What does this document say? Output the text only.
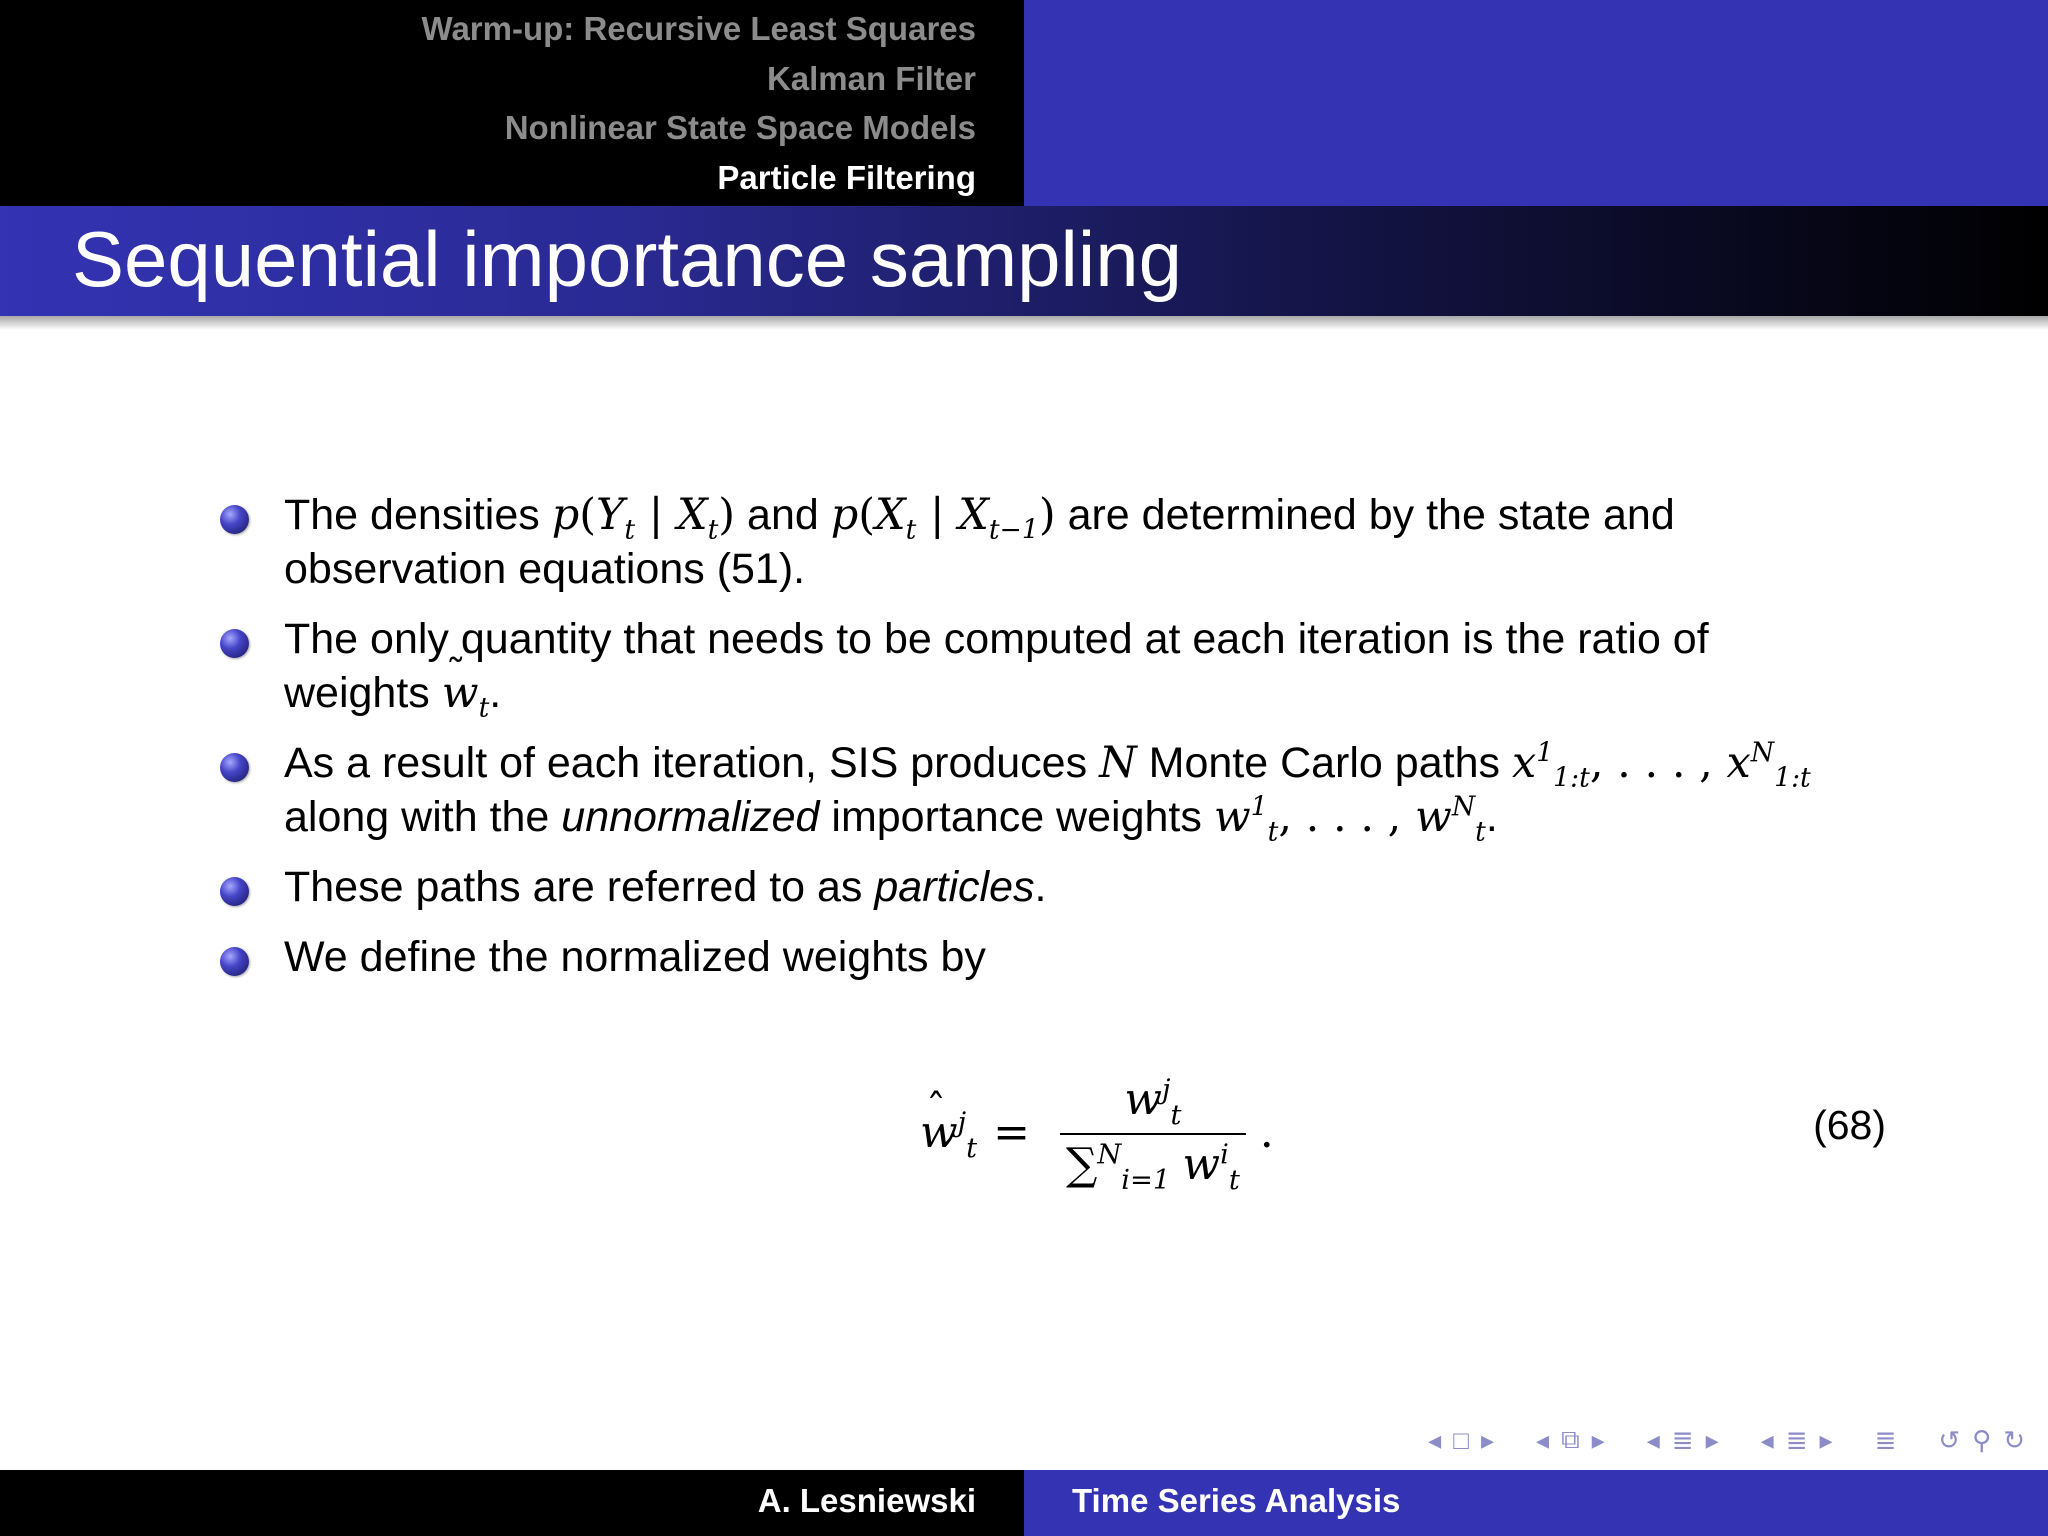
Warm-up: Recursive Least Squares
Kalman Filter
Nonlinear State Space Models
Particle Filtering
Sequential importance sampling
The densities $p(Y_t$ | $X_t$) and $p(X_t$ | $X_{t-1}$) are determined by the state and observation equations (51).
The only quantity that needs to be computed at each iteration is the ratio of weights ˜ $w_t$.
As a result of each iteration, SIS produces N Monte Carlo paths $x^1_{1:t}$, . . . , $x^N_{1:t}$ along with the unnormalized importance weights $w^1_t$, . . . , $w^N_t$.
These paths are referred to as particles.
We define the normalized weights by
ˆ $w^j_t = \frac{w^j_t}{\sum^N_{i=1} w^i_t}$ .	(68)
◂ □ ▸ ◂ ⧉ ▸ ◂ ≣ ▸ ◂ ≣ ▸ ≣ ↺ ⚲ ↻
A. Lesniewski	Time Series Analysis
